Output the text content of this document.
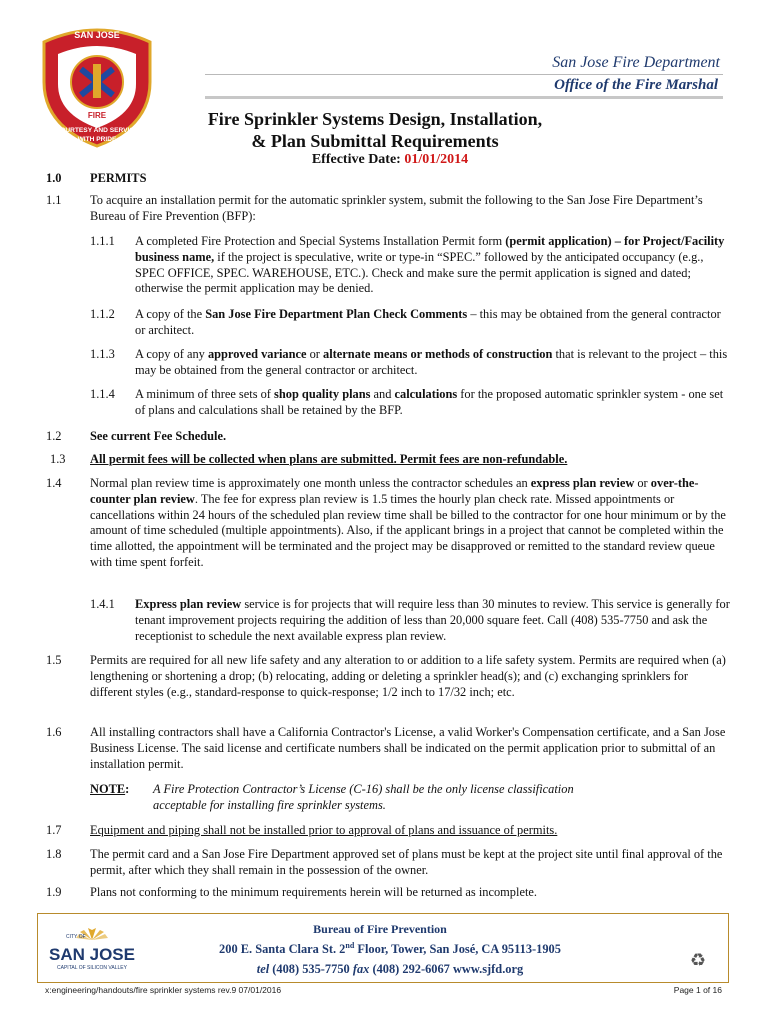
SAN JOSE
FIRE
COURTESY AND SERVICE
WITH PRIDE
San Jose Fire Department
Office of the Fire Marshal
Fire Sprinkler Systems Design, Installation,
& Plan Submittal Requirements
Effective Date: 01/01/2014
1.0 PERMITS
1.1 To acquire an installation permit for the automatic sprinkler system, submit the following to the San Jose Fire Department’s Bureau of Fire Prevention (BFP):
1.1.1 A completed Fire Protection and Special Systems Installation Permit form (permit application) – for Project/Facility business name, if the project is speculative, write or type-in “SPEC.” followed by the anticipated occupancy (e.g., SPEC OFFICE, SPEC. WAREHOUSE, ETC.). Check and make sure the permit application is signed and dated; otherwise the permit application may be denied.
1.1.2 A copy of the San Jose Fire Department Plan Check Comments – this may be obtained from the general contractor or architect.
1.1.3 A copy of any approved variance or alternate means or methods of construction that is relevant to the project – this may be obtained from the general contractor or architect.
1.1.4 A minimum of three sets of shop quality plans and calculations for the proposed automatic sprinkler system - one set of plans and calculations shall be retained by the BFP.
1.2 See current Fee Schedule.
1.3 All permit fees will be collected when plans are submitted. Permit fees are non-refundable.
1.4 Normal plan review time is approximately one month unless the contractor schedules an express plan review or over-the-counter plan review. The fee for express plan review is 1.5 times the hourly plan check rate. Missed appointments or cancellations within 24 hours of the scheduled plan review time shall be billed to the contractor for one hour minimum or by the amount of time scheduled (multiple appointments). Also, if the applicant brings in a project that cannot be completed within the time allotted, the appointment will be terminated and the project may be disapproved or remitted to the standard review queue with time spent forfeit.
1.4.1 Express plan review service is for projects that will require less than 30 minutes to review. This service is generally for tenant improvement projects requiring the addition of less than 20,000 square feet. Call (408) 535-7750 and ask the receptionist to schedule the next available express plan review.
1.5 Permits are required for all new life safety and any alteration to or addition to a life safety system. Permits are required when (a) lengthening or shortening a drop; (b) relocating, adding or deleting a sprinkler head(s); and (c) exchanging sprinklers for different styles (e.g., standard-response to quick-response; 1/2 inch to 17/32 inch; etc.
1.6 All installing contractors shall have a California Contractor's License, a valid Worker's Compensation certificate, and a San Jose Business License. The said license and certificate numbers shall be indicated on the permit application prior to submittal of an installation permit.
NOTE: A Fire Protection Contractor’s License (C-16) shall be the only license classification acceptable for installing fire sprinkler systems.
1.7 Equipment and piping shall not be installed prior to approval of plans and issuance of permits.
1.8 The permit card and a San Jose Fire Department approved set of plans must be kept at the project site until final approval of the permit, after which they shall remain in the possession of the owner.
1.9 Plans not conforming to the minimum requirements herein will be returned as incomplete.
CITY OF
SAN JOSE
CAPITAL OF SILICON VALLEY
Bureau of Fire Prevention
200 E. Santa Clara St. 2nd Floor, Tower, San José, CA 95113-1905
tel (408) 535-7750 fax (408) 292-6067 www.sjfd.org	♻
x:engineering/handouts/fire sprinkler systems rev.9 07/01/2016	Page 1 of 16
